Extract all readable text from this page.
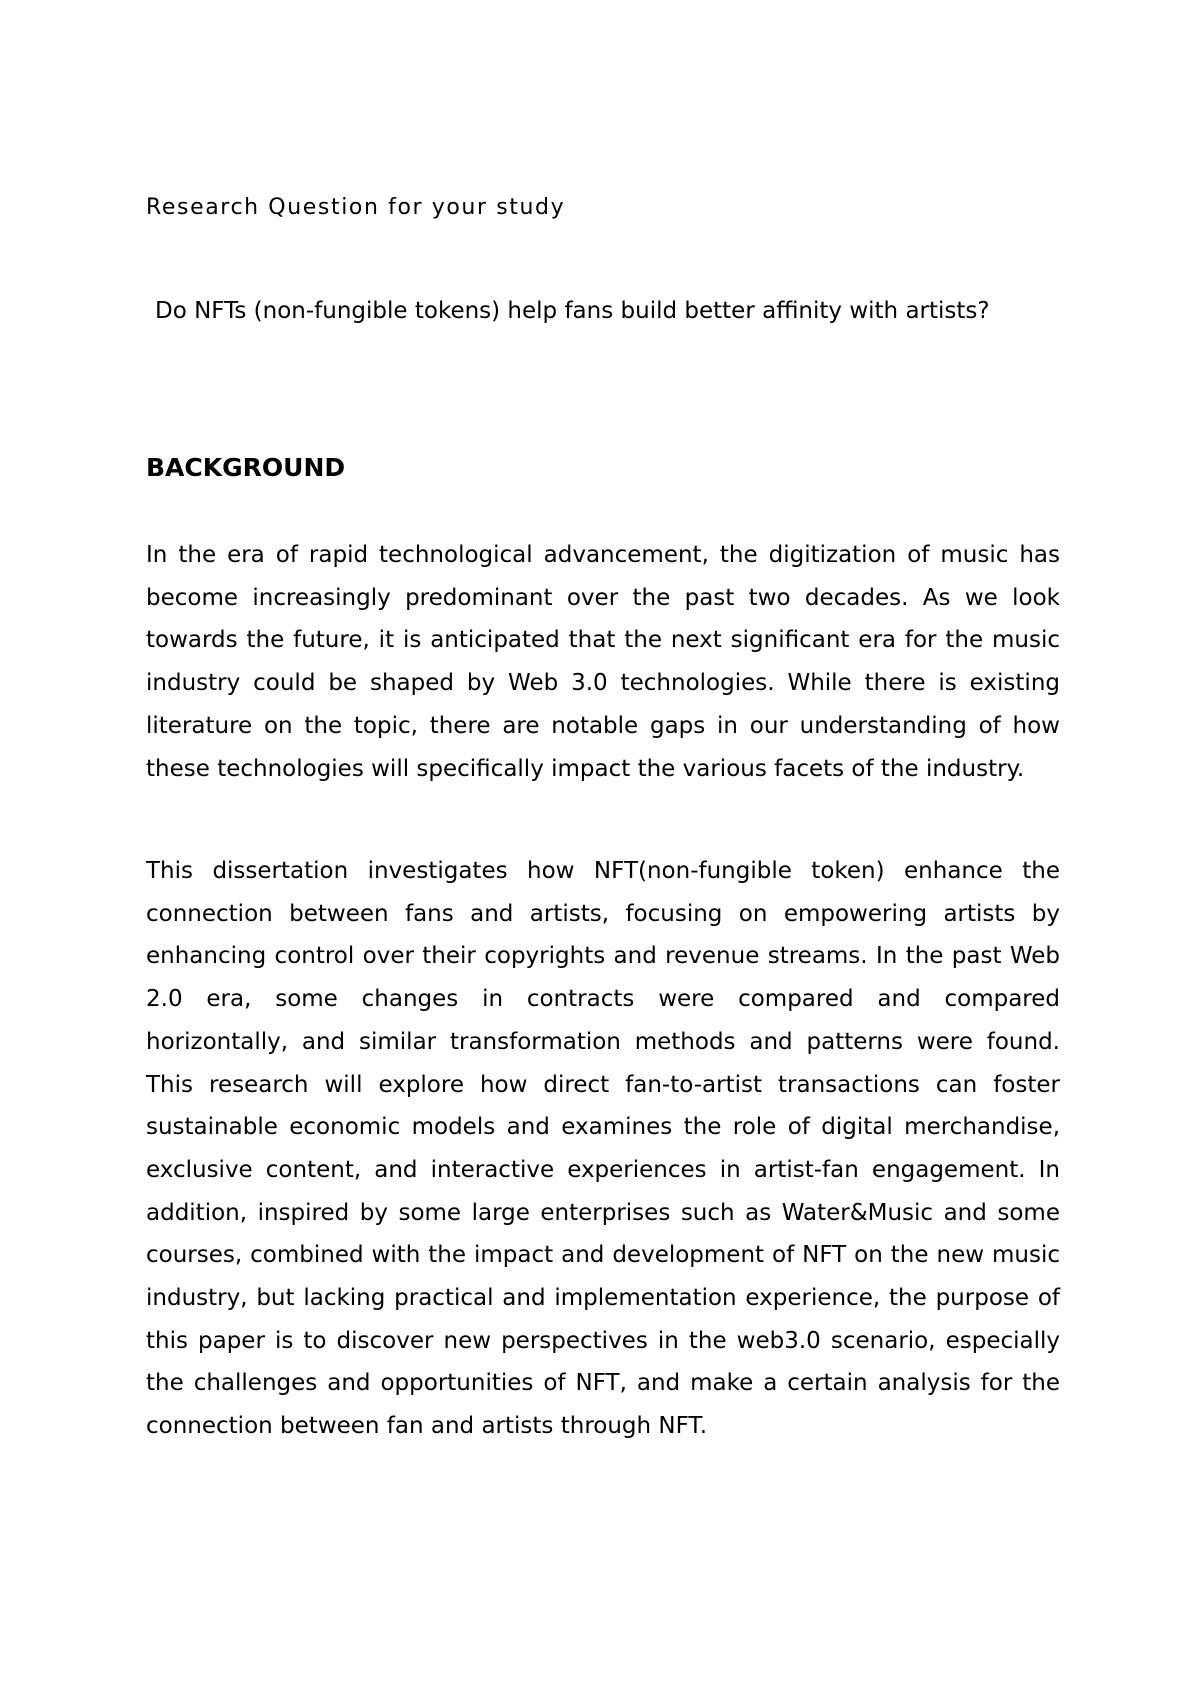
Research Question for your study

Do NFTs (non-fungible tokens) help fans build better affinity with artists?

BACKGROUND

In the era of rapid technological advancement, the digitization of music has become increasingly predominant over the past two decades. As we look towards the future, it is anticipated that the next significant era for the music industry could be shaped by Web 3.0 technologies. While there is existing literature on the topic, there are notable gaps in our understanding of how these technologies will specifically impact the various facets of the industry.

This dissertation investigates how NFT(non-fungible token) enhance the connection between fans and artists, focusing on empowering artists by enhancing control over their copyrights and revenue streams. In the past Web 2.0 era, some changes in contracts were compared and compared horizontally, and similar transformation methods and patterns were found. This research will explore how direct fan-to-artist transactions can foster sustainable economic models and examines the role of digital merchandise, exclusive content, and interactive experiences in artist-fan engagement. In addition, inspired by some large enterprises such as Water&Music and some courses, combined with the impact and development of NFT on the new music industry, but lacking practical and implementation experience, the purpose of this paper is to discover new perspectives in the web3.0 scenario, especially the challenges and opportunities of NFT, and make a certain analysis for the connection between fan and artists through NFT.
